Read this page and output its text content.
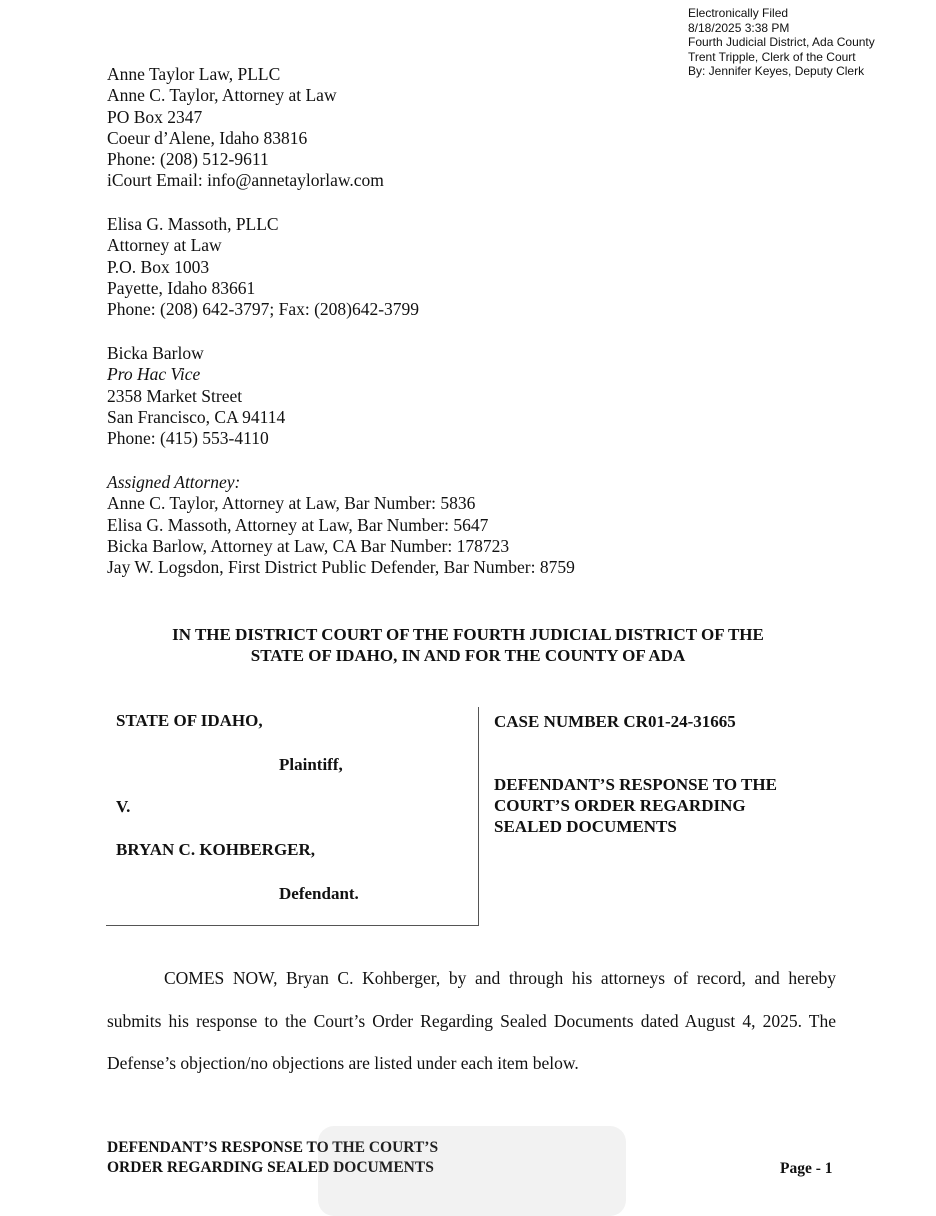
Electronically Filed
8/18/2025 3:38 PM
Fourth Judicial District, Ada County
Trent Tripple, Clerk of the Court
By: Jennifer Keyes, Deputy Clerk
Anne Taylor Law, PLLC
Anne C. Taylor, Attorney at Law
PO Box 2347
Coeur d’Alene, Idaho 83816
Phone: (208) 512-9611
iCourt Email: info@annetaylorlaw.com
Elisa G. Massoth, PLLC
Attorney at Law
P.O. Box 1003
Payette, Idaho 83661
Phone: (208) 642-3797; Fax: (208)642-3799
Bicka Barlow
Pro Hac Vice
2358 Market Street
San Francisco, CA 94114
Phone: (415) 553-4110
Assigned Attorney:
Anne C. Taylor, Attorney at Law, Bar Number: 5836
Elisa G. Massoth, Attorney at Law, Bar Number: 5647
Bicka Barlow, Attorney at Law, CA Bar Number: 178723
Jay W. Logsdon, First District Public Defender, Bar Number: 8759
IN THE DISTRICT COURT OF THE FOURTH JUDICIAL DISTRICT OF THE
STATE OF IDAHO, IN AND FOR THE COUNTY OF ADA
STATE OF IDAHO,
Plaintiff,
V.
BRYAN C. KOHBERGER,
Defendant.
CASE NUMBER CR01-24-31665
DEFENDANT’S RESPONSE TO THE
COURT’S ORDER REGARDING
SEALED DOCUMENTS

COMES NOW, Bryan C. Kohberger, by and through his attorneys of record, and hereby submits his response to the Court’s Order Regarding Sealed Documents dated August 4, 2025. The Defense’s objection/no objections are listed under each item below.

DEFENDANT’S RESPONSE TO THE COURT’S
ORDER REGARDING SEALED DOCUMENTS	Page - 1
